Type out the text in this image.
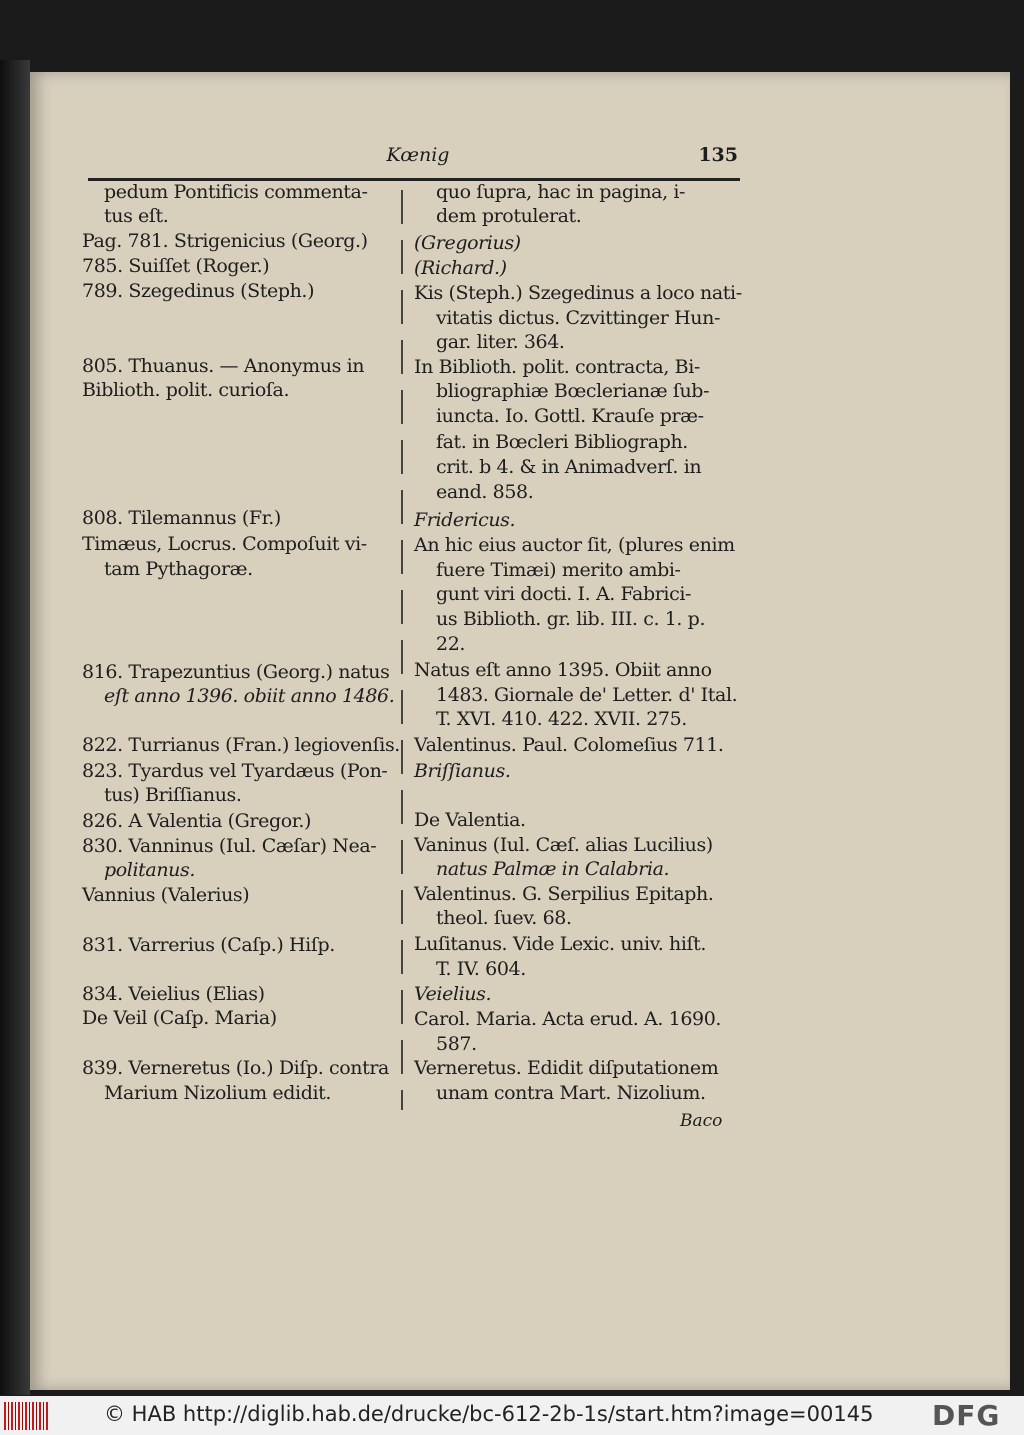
Kœnig	135

pedum Pontificis commenta-

tus eſt.

Pag. 781. Strigenicius (Georg.)

785. Suiſſet (Roger.)

789. Szegedinus (Steph.)

805. Thuanus. — Anonymus in

Biblioth. polit. curioſa.

808. Tilemannus (Fr.)

Timæus, Locrus. Compoſuit vi-

tam Pythagoræ.

816. Trapezuntius (Georg.) natus

eſt anno 1396. obiit anno 1486.

822. Turrianus (Fran.) legiovenſis.

823. Tyardus vel Tyardæus (Pon-

tus) Briſſianus.

826. A Valentia (Gregor.)

830. Vanninus (Iul. Cæſar) Nea-

politanus.

Vannius (Valerius)

831. Varrerius (Caſp.) Hiſp.

834. Veielius (Elias)

De Veil (Caſp. Maria)

839. Verneretus (Io.) Diſp. contra

Marium Nizolium edidit.

quo ſupra, hac in pagina, i-

dem protulerat.

(Gregorius)

(Richard.)

Kis (Steph.) Szegedinus a loco nati-

vitatis dictus. Czvittinger Hun-

gar. liter. 364.

In Biblioth. polit. contracta, Bi-

bliographiæ Bœclerianæ ſub-

iuncta. Io. Gottl. Krauſe præ-

fat. in Bœcleri Bibliograph.

crit. b 4. & in Animadverſ. in

eand. 858.

Fridericus.

An hic eius auctor ſit, (plures enim

fuere Timæi) merito ambi-

gunt viri docti. I. A. Fabrici-

us Biblioth. gr. lib. III. c. 1. p.

22.

Natus eſt anno 1395. Obiit anno

1483. Giornale de' Letter. d' Ital.

T. XVI. 410. 422. XVII. 275.

Valentinus. Paul. Colomeſius 711.

Briſſianus.

De Valentia.

Vaninus (Iul. Cæſ. alias Lucilius)

natus Palmæ in Calabria.

Valentinus. G. Serpilius Epitaph.

theol. ſuev. 68.

Luſitanus. Vide Lexic. univ. hiſt.

T. IV. 604.

Veielius.

Carol. Maria. Acta erud. A. 1690.

587.

Verneretus. Edidit diſputationem

unam contra Mart. Nizolium.

Baco
© HAB http://diglib.hab.de/drucke/bc-612-2b-1s/start.htm?image=00145 DFG
